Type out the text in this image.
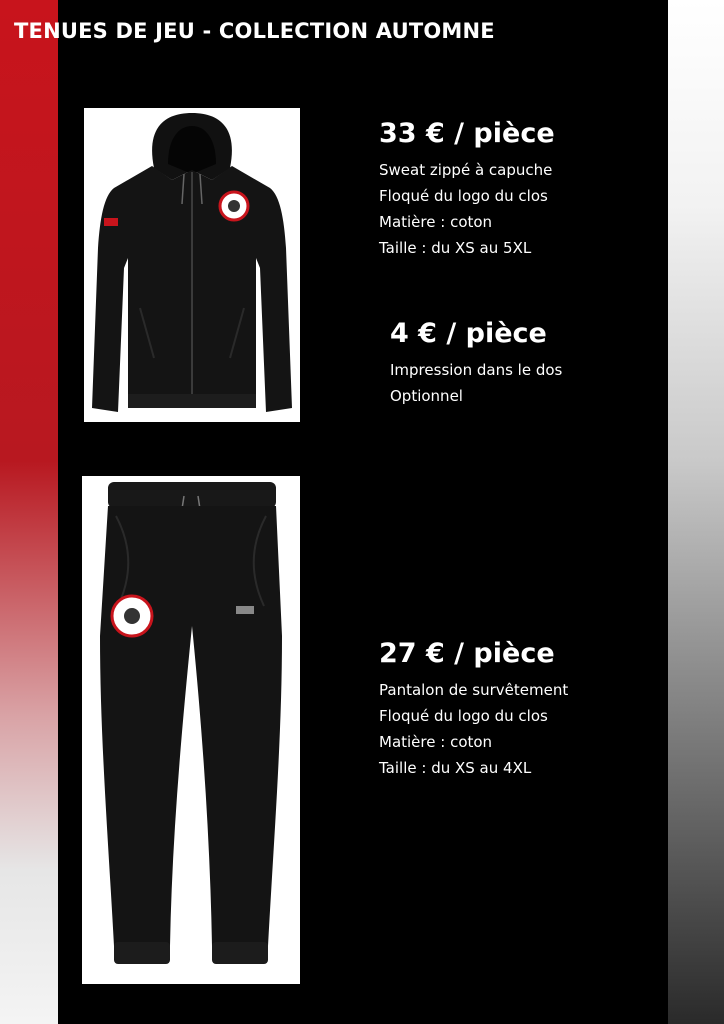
TENUES DE JEU - COLLECTION AUTOMNE

33 € / pièce

Sweat zippé à capuche

Floqué du logo du clos

Matière : coton

Taille : du XS au 5XL

4 € / pièce

Impression dans le dos

Optionnel

27 € / pièce

Pantalon de survêtement

Floqué du logo du clos

Matière : coton

Taille : du XS au 4XL
